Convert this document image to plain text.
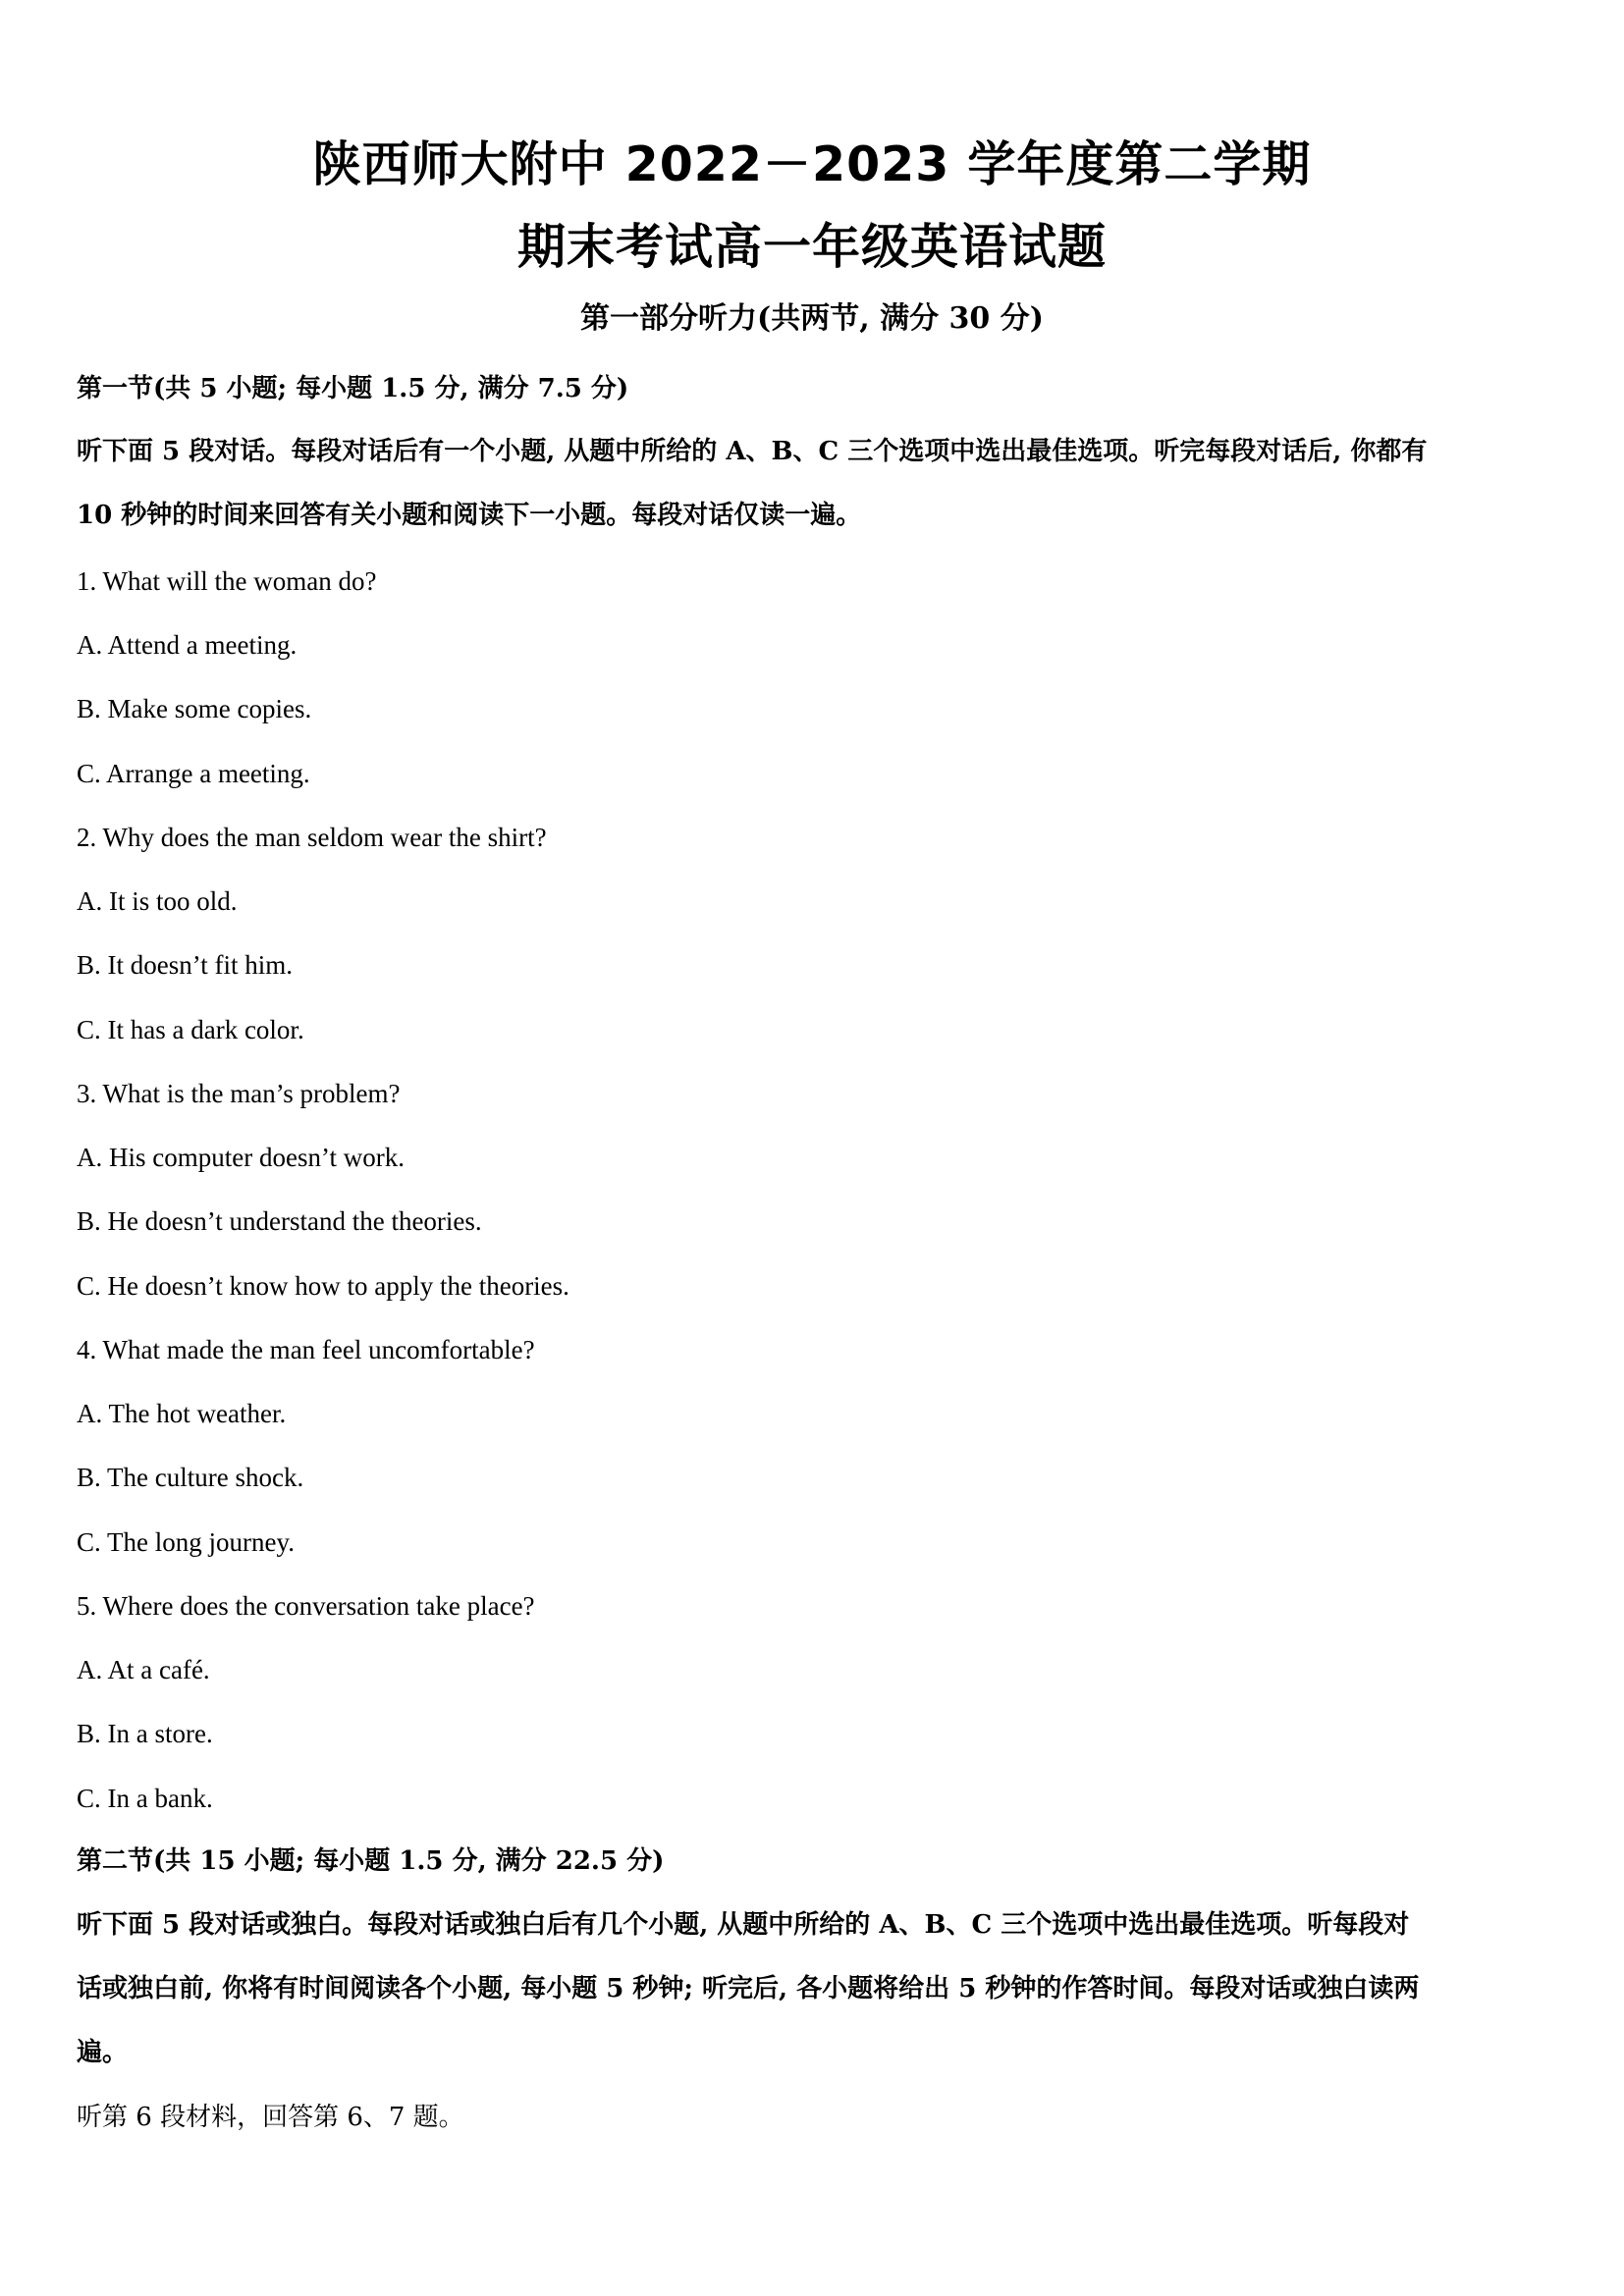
陕西师大附中 2022－2023 学年度第二学期
期末考试高一年级英语试题
第一部分听力(共两节, 满分 30 分)
第一节(共 5 小题; 每小题 1.5 分, 满分 7.5 分)
听下面 5 段对话。每段对话后有一个小题, 从题中所给的 A、B、C 三个选项中选出最佳选项。听完每段对话后, 你都有
10 秒钟的时间来回答有关小题和阅读下一小题。每段对话仅读一遍。
1. What will the woman do?
A. Attend a meeting.
B. Make some copies.
C. Arrange a meeting.
2. Why does the man seldom wear the shirt?
A. It is too old.
B. It doesn’t fit him.
C. It has a dark color.
3. What is the man’s problem?
A. His computer doesn’t work.
B. He doesn’t understand the theories.
C. He doesn’t know how to apply the theories.
4. What made the man feel uncomfortable?
A. The hot weather.
B. The culture shock.
C. The long journey.
5. Where does the conversation take place?
A. At a café.
B. In a store.
C. In a bank.
第二节(共 15 小题; 每小题 1.5 分, 满分 22.5 分)
听下面 5 段对话或独白。每段对话或独白后有几个小题, 从题中所给的 A、B、C 三个选项中选出最佳选项。听每段对
话或独白前, 你将有时间阅读各个小题, 每小题 5 秒钟; 听完后, 各小题将给出 5 秒钟的作答时间。每段对话或独白读两
遍。
听第 6 段材料，回答第 6、7 题。
